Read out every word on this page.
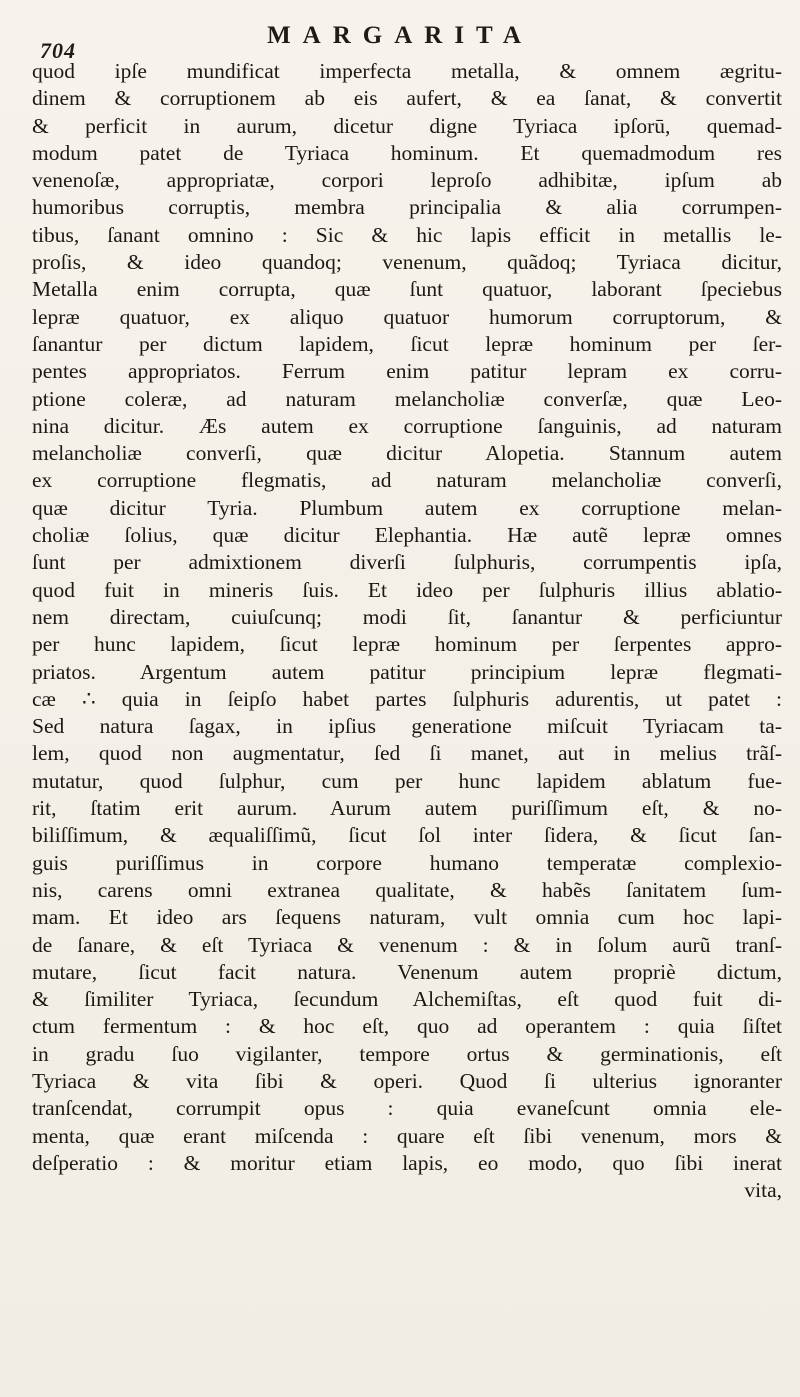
704
MARGARITA
quod ipſe mundificat imperfecta metalla, & omnem ægritu-
dinem & corruptionem ab eis aufert, & ea ſanat, & convertit
& perficit in aurum, dicetur digne Tyriaca ipſorū, quemad-
modum patet de Tyriaca hominum. Et quemadmodum res
venenoſæ, appropriatæ, corpori leproſo adhibitæ, ipſum ab
humoribus corruptis, membra principalia & alia corrumpen-
tibus, ſanant omnino : Sic & hic lapis efficit in metallis le-
proſis, & ideo quandoq; venenum, quãdoq; Tyriaca dicitur,
Metalla enim corrupta, quæ ſunt quatuor, laborant ſpeciebus
lepræ quatuor, ex aliquo quatuor humorum corruptorum, &
ſanantur per dictum lapidem, ſicut lepræ hominum per ſer-
pentes appropriatos. Ferrum enim patitur lepram ex corru-
ptione coleræ, ad naturam melancholiæ converſæ, quæ Leo-
nina dicitur. Æs autem ex corruptione ſanguinis, ad naturam
melancholiæ converſi, quæ dicitur Alopetia. Stannum autem
ex corruptione flegmatis, ad naturam melancholiæ converſi,
quæ dicitur Tyria. Plumbum autem ex corruptione melan-
choliæ ſolius, quæ dicitur Elephantia. Hæ autẽ lepræ omnes
ſunt per admixtionem diverſi ſulphuris, corrumpentis ipſa,
quod fuit in mineris ſuis. Et ideo per ſulphuris illius ablatio-
nem directam, cuiuſcunq; modi ſit, ſanantur & perficiuntur
per hunc lapidem, ſicut lepræ hominum per ſerpentes appro-
priatos. Argentum autem patitur principium lepræ flegmati-
cæ ∴ quia in ſeipſo habet partes ſulphuris adurentis, ut patet :
Sed natura ſagax, in ipſius generatione miſcuit Tyriacam ta-
lem, quod non augmentatur, ſed ſi manet, aut in melius trãſ-
mutatur, quod ſulphur, cum per hunc lapidem ablatum fue-
rit, ſtatim erit aurum. Aurum autem puriſſimum eſt, & no-
biliſſimum, & æqualiſſimũ, ſicut ſol inter ſidera, & ſicut ſan-
guis puriſſimus in corpore humano temperatæ complexio-
nis, carens omni extranea qualitate, & habẽs ſanitatem ſum-
mam. Et ideo ars ſequens naturam, vult omnia cum hoc lapi-
de ſanare, & eſt Tyriaca & venenum : & in ſolum aurũ tranſ-
mutare, ſicut facit natura. Venenum autem propriè dictum,
& ſimiliter Tyriaca, ſecundum Alchemiſtas, eſt quod fuit di-
ctum fermentum : & hoc eſt, quo ad operantem : quia ſiſtet
in gradu ſuo vigilanter, tempore ortus & germinationis, eſt
Tyriaca & vita ſibi & operi. Quod ſi ulterius ignoranter
tranſcendat, corrumpit opus : quia evaneſcunt omnia ele-
menta, quæ erant miſcenda : quare eſt ſibi venenum, mors &
deſperatio : & moritur etiam lapis, eo modo, quo ſibi inerat
vita,
